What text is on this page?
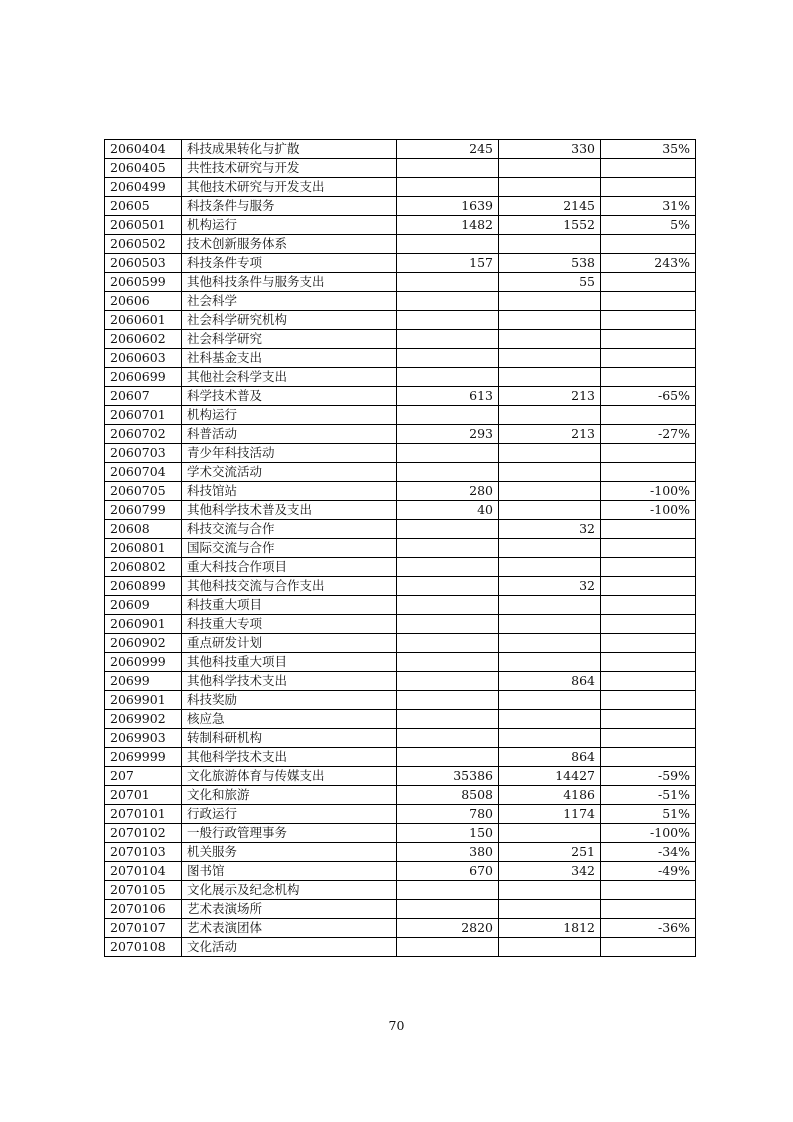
2060404	科技成果转化与扩散	245	330	35%
2060405	共性技术研究与开发			
2060499	其他技术研究与开发支出			
20605	科技条件与服务	1639	2145	31%
2060501	机构运行	1482	1552	5%
2060502	技术创新服务体系			
2060503	科技条件专项	157	538	243%
2060599	其他科技条件与服务支出		55	
20606	社会科学			
2060601	社会科学研究机构			
2060602	社会科学研究			
2060603	社科基金支出			
2060699	其他社会科学支出			
20607	科学技术普及	613	213	-65%
2060701	机构运行			
2060702	科普活动	293	213	-27%
2060703	青少年科技活动			
2060704	学术交流活动			
2060705	科技馆站	280		-100%
2060799	其他科学技术普及支出	40		-100%
20608	科技交流与合作		32	
2060801	国际交流与合作			
2060802	重大科技合作项目			
2060899	其他科技交流与合作支出		32	
20609	科技重大项目			
2060901	科技重大专项			
2060902	重点研发计划			
2060999	其他科技重大项目			
20699	其他科学技术支出		864	
2069901	科技奖励			
2069902	核应急			
2069903	转制科研机构			
2069999	其他科学技术支出		864	
207	文化旅游体育与传媒支出	35386	14427	-59%
20701	文化和旅游	8508	4186	-51%
2070101	行政运行	780	1174	51%
2070102	一般行政管理事务	150		-100%
2070103	机关服务	380	251	-34%
2070104	图书馆	670	342	-49%
2070105	文化展示及纪念机构			
2070106	艺术表演场所			
2070107	艺术表演团体	2820	1812	-36%
2070108	文化活动			
70
